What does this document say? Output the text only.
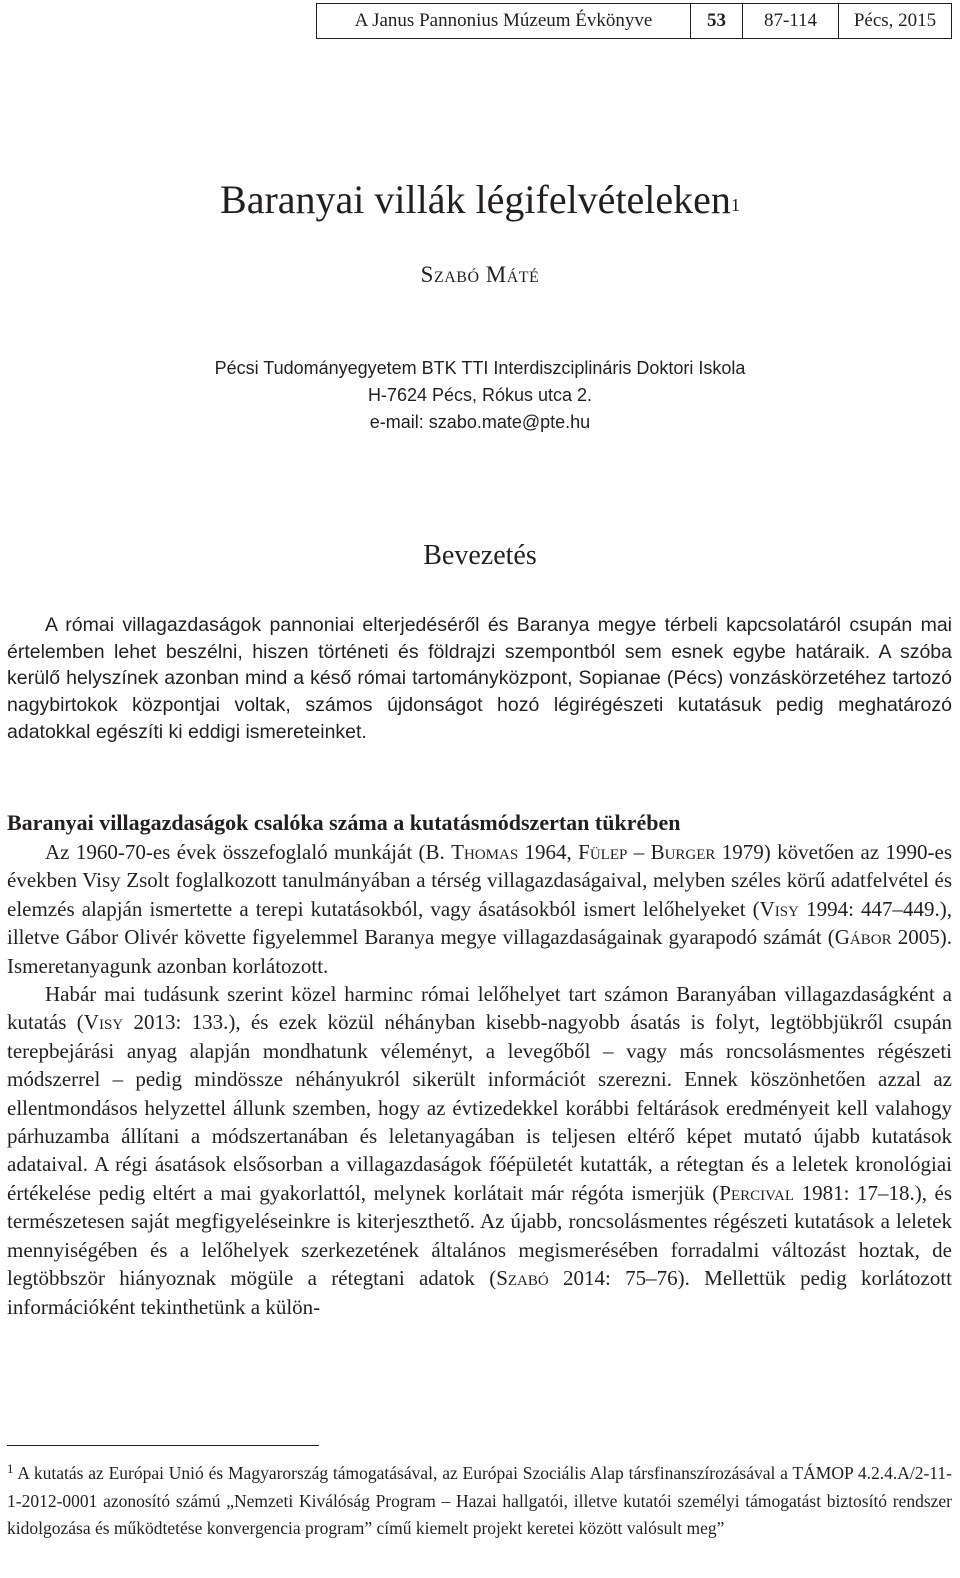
A Janus Pannonius Múzeum Évkönyve	53	87-114	Pécs, 2015
Baranyai villák légifelvételeken$^1$
Szabó Máté
Pécsi Tudományegyetem BTK TTI Interdiszciplináris Doktori Iskola
H-7624 Pécs, Rókus utca 2.
e-mail: szabo.mate@pte.hu
Bevezetés

A római villagazdaságok pannoniai elterjedéséről és Baranya megye térbeli kapcsolatáról csupán mai értelemben lehet beszélni, hiszen történeti és földrajzi szempontból sem esnek egybe határaik. A szóba kerülő helyszínek azonban mind a késő római tartományközpont, Sopianae (Pécs) vonzáskörzetéhez tartozó nagybirtokok központjai voltak, számos újdonságot hozó légirégészeti kutatásuk pedig meghatározó adatokkal egészíti ki eddigi ismereteinket.

Baranyai villagazdaságok csalóka száma a kutatásmódszertan tükrében

Az 1960-70-es évek összefoglaló munkáját (B. Thomas 1964, Fülep – Burger 1979) követően az 1990-es években Visy Zsolt foglalkozott tanulmányában a térség villagazdaságaival, melyben széles körű adatfelvétel és elemzés alapján ismertette a terepi kutatásokból, vagy ásatásokból ismert lelőhelyeket (Visy 1994: 447–449.), illetve Gábor Olivér követte figyelemmel Baranya megye villagazdaságainak gyarapodó számát (Gábor 2005). Ismeretanyagunk azonban korlátozott.

Habár mai tudásunk szerint közel harminc római lelőhelyet tart számon Baranyában villagazdaságként a kutatás (Visy 2013: 133.), és ezek közül néhányban kisebb-nagyobb ásatás is folyt, legtöbbjükről csupán terepbejárási anyag alapján mondhatunk véleményt, a levegőből – vagy más roncsolásmentes régészeti módszerrel – pedig mindössze néhányukról sikerült információt szerezni. Ennek köszönhetően azzal az ellentmondásos helyzettel állunk szemben, hogy az évtizedekkel korábbi feltárások eredményeit kell valahogy párhuzamba állítani a módszertanában és leletanyagában is teljesen eltérő képet mutató újabb kutatások adataival. A régi ásatások elsősorban a villagazdaságok főépületét kutatták, a rétegtan és a leletek kronológiai értékelése pedig eltért a mai gyakorlattól, melynek korlátait már régóta ismerjük (Percival 1981: 17–18.), és természetesen saját megfigyeléseinkre is kiterjeszthető. Az újabb, roncsolásmentes régészeti kutatások a leletek mennyiségében és a lelőhelyek szerkezetének általános megismerésében forradalmi változást hoztak, de legtöbbször hiányoznak mögüle a rétegtani adatok (Szabó 2014: 75–76). Mellettük pedig korlátozott információként tekinthetünk a külön-

$^1$ A kutatás az Európai Unió és Magyarország támogatásával, az Európai Szociális Alap társfinanszírozásával a TÁMOP 4.2.4.A/2-11-1-2012-0001 azonosító számú „Nemzeti Kiválóság Program – Hazai hallgatói, illetve kutatói személyi támogatást biztosító rendszer kidolgozása és működtetése konvergencia program” című kiemelt projekt keretei között valósult meg”
